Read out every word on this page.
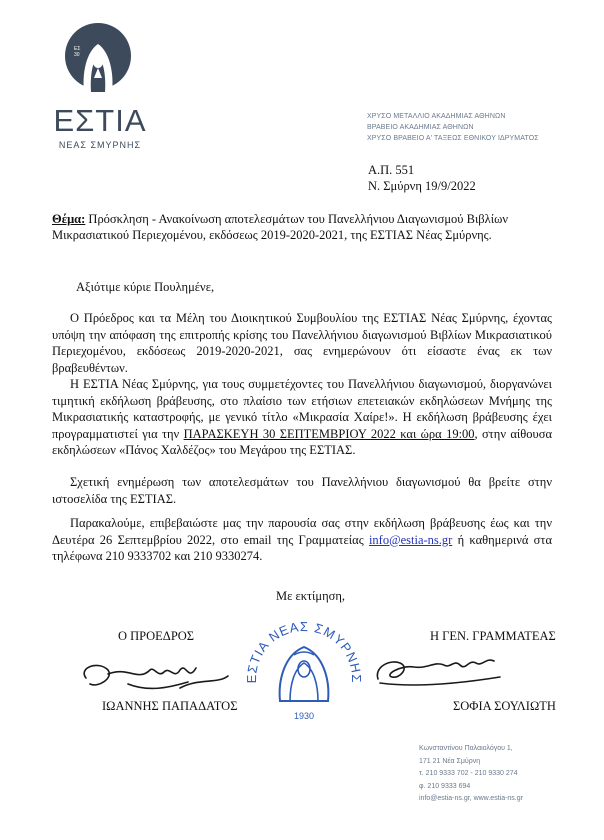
ΕΣ
30
ΕΣΤΙΑ
ΝΕΑΣ ΣΜΥΡΝΗΣ
ΧΡΥΣΟ ΜΕΤΑΛΛΙΟ ΑΚΑΔΗΜΙΑΣ ΑΘΗΝΩΝ
ΒΡΑΒΕΙΟ ΑΚΑΔΗΜΙΑΣ ΑΘΗΝΩΝ
ΧΡΥΣΟ ΒΡΑΒΕΙΟ Α' ΤΑΞΕΩΣ ΕΘΝΙΚΟΥ ΙΔΡΥΜΑΤΟΣ
Α.Π. 551
Ν. Σμύρνη 19/9/2022
Θέμα: Πρόσκληση - Ανακοίνωση αποτελεσμάτων του Πανελλήνιου Διαγωνισμού Βιβλίων Μικρασιατικού Περιεχομένου, εκδόσεως 2019-2020-2021, της ΕΣΤΙΑΣ Νέας Σμύρνης.
Αξιότιμε κύριε Πουλημένε,
Ο Πρόεδρος και τα Μέλη του Διοικητικού Συμβουλίου της ΕΣΤΙΑΣ Νέας Σμύρνης, έχοντας υπόψη την απόφαση της επιτροπής κρίσης του Πανελλήνιου διαγωνισμού Βιβλίων Μικρασιατικού Περιεχομένου, εκδόσεως 2019-2020-2021, σας ενημερώνουν ότι είσαστε ένας εκ των βραβευθέντων.
Η ΕΣΤΙΑ Νέας Σμύρνης, για τους συμμετέχοντες του Πανελλήνιου διαγωνισμού, διοργανώνει τιμητική εκδήλωση βράβευσης, στο πλαίσιο των ετήσιων επετειακών εκδηλώσεων Μνήμης της Μικρασιατικής καταστροφής, με γενικό τίτλο «Μικρασία Χαίρε!». Η εκδήλωση βράβευσης έχει προγραμματιστεί για την ΠΑΡΑΣΚΕΥΗ 30 ΣΕΠΤΕΜΒΡΙΟΥ 2022 και ώρα 19:00, στην αίθουσα εκδηλώσεων «Πάνος Χαλδέζος» του Μεγάρου της ΕΣΤΙΑΣ.
Σχετική ενημέρωση των αποτελεσμάτων του Πανελλήνιου διαγωνισμού θα βρείτε στην ιστοσελίδα της ΕΣΤΙΑΣ.
Παρακαλούμε, επιβεβαιώστε μας την παρουσία σας στην εκδήλωση βράβευσης έως και την Δευτέρα 26 Σεπτεμβρίου 2022, στο email της Γραμματείας info@estia-ns.gr ή καθημερινά στα τηλέφωνα 210 9333702 και 210 9330274.
Με εκτίμηση,
Ο ΠΡΟΕΔΡΟΣ	Η ΓΕΝ. ΓΡΑΜΜΑΤΕΑΣ
ΙΩΑΝΝΗΣ ΠΑΠΑΔΑΤΟΣ	ΣΟΦΙΑ ΣΟΥΛΙΩΤΗ
ΕΣΤΙΑ ΝΕΑΣ ΣΜΥΡΝΗΣ
1930
Κωνσταντίνου Παλαιολόγου 1,
171 21 Νέα Σμύρνη
τ. 210 9333 702 - 210 9330 274
φ. 210 9333 694
info@estia-ns.gr, www.estia-ns.gr
